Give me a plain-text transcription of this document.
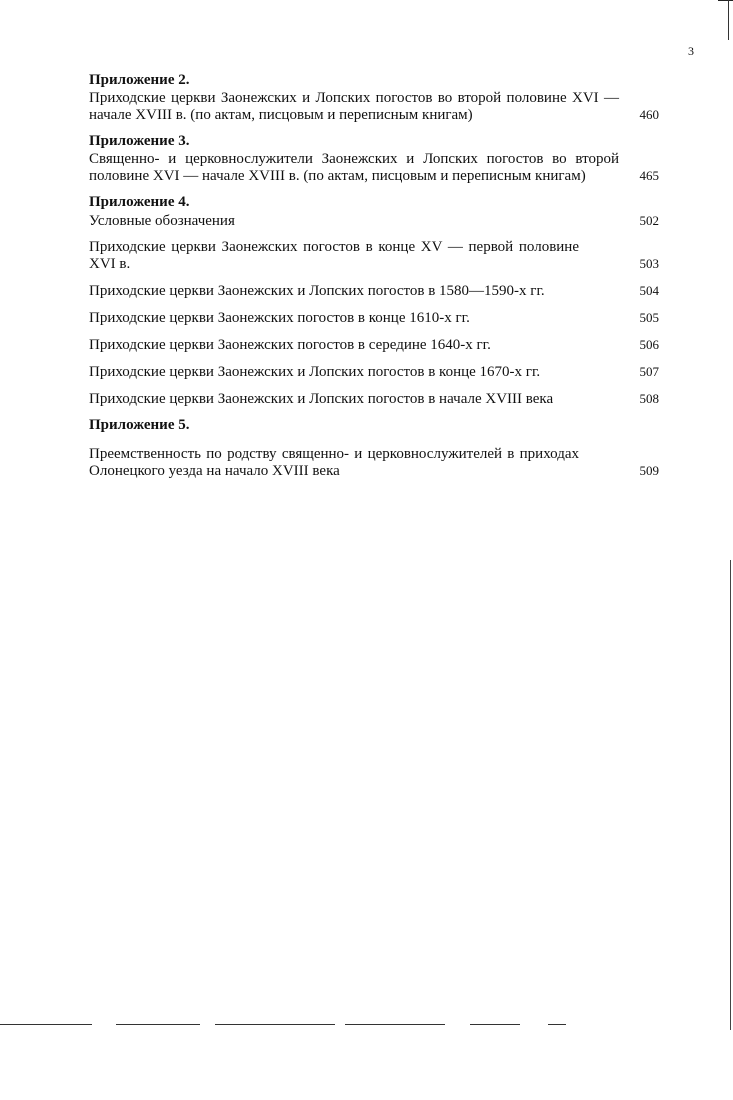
3
Приложение 2.
Приходские церкви Заонежских и Лопских погостов во второй половине XVI — начале XVIII в. (по актам, писцовым и переписным книгам)	460
Приложение 3.
Священно- и церковнослужители Заонежских и Лопских погостов во второй половине XVI — начале XVIII в. (по актам, писцовым и переписным книгам)	465
Приложение 4.
Условные обозначения	502
Приходские церкви Заонежских погостов в конце XV — первой половине XVI в.	503
Приходские церкви Заонежских и Лопских погостов в 1580—1590-х гг.	504
Приходские церкви Заонежских погостов в конце 1610-х гг.	505
Приходские церкви Заонежских погостов в середине 1640-х гг.	506
Приходские церкви Заонежских и Лопских погостов в конце 1670-х гг.	507
Приходские церкви Заонежских и Лопских погостов в начале XVIII века	508
Приложение 5.
Преемственность по родству священно- и церковнослужителей в приходах Олонецкого уезда на начало XVIII века	509
